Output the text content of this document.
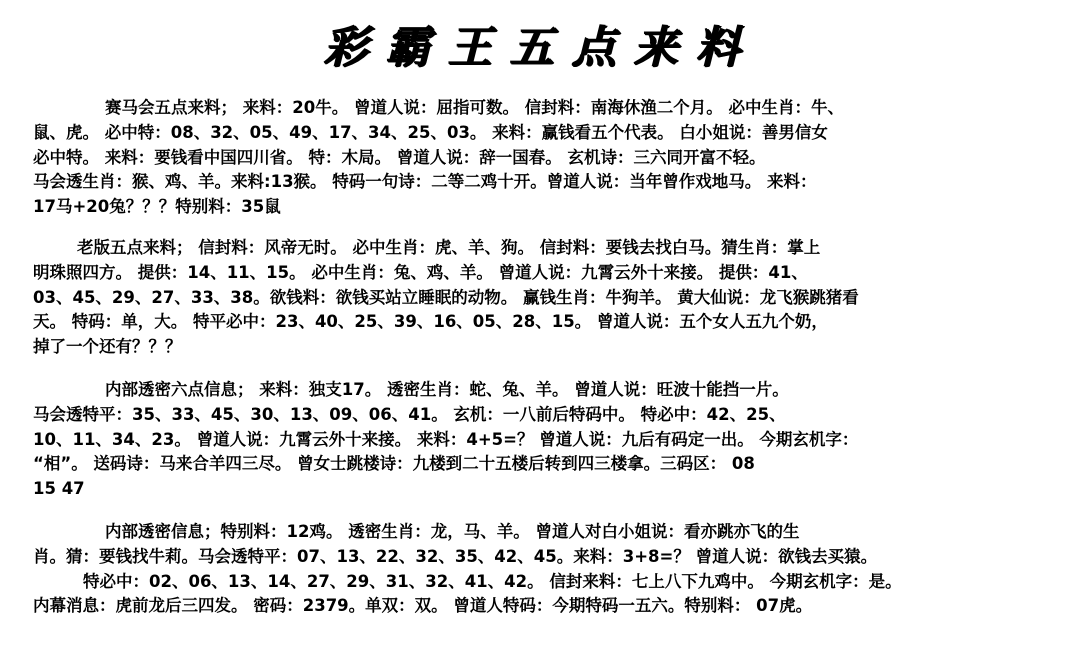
彩霸王五点来料
赛马会五点来料； 来料：20牛。 曾道人说：屈指可数。 信封料：南海休渔二个月。 必中生肖：牛、
鼠、虎。 必中特：08、32、05、49、17、34、25、03。 来料：赢钱看五个代表。 白小姐说：善男信女
必中特。 来料：要钱看中国四川省。 特：木局。 曾道人说：辞一国春。 玄机诗：三六同开富不轻。
马会透生肖：猴、鸡、羊。来料:13猴。 特码一句诗：二等二鸡十开。曾道人说：当年曾作戏地马。 来料：
17马+20兔？？？特别料：35鼠
老版五点来料； 信封料：风帝无时。 必中生肖：虎、羊、狗。 信封料：要钱去找白马。猜生肖：掌上
明珠照四方。 提供：14、11、15。 必中生肖：兔、鸡、羊。 曾道人说：九霄云外十来接。 提供：41、
03、45、29、27、33、38。欲钱料：欲钱买站立睡眠的动物。 赢钱生肖：牛狗羊。 黄大仙说：龙飞猴跳猪看
天。 特码：单，大。 特平必中：23、40、25、39、16、05、28、15。 曾道人说：五个女人五九个奶，
掉了一个还有？？？
内部透密六点信息； 来料：独支17。 透密生肖：蛇、兔、羊。 曾道人说：旺波十能挡一片。
马会透特平：35、33、45、30、13、09、06、41。 玄机：一八前后特码中。 特必中：42、25、
10、11、34、23。 曾道人说：九霄云外十来接。 来料：4+5=？ 曾道人说：九后有码定一出。 今期玄机字：
“相”。 送码诗：马来合羊四三尽。 曾女士跳楼诗：九楼到二十五楼后转到四三楼拿。三码区： 08
15 47
内部透密信息；特别料：12鸡。 透密生肖：龙，马、羊。 曾道人对白小姐说：看亦跳亦飞的生
肖。猜：要钱找牛莉。马会透特平：07、13、22、32、35、42、45。来料：3+8=？ 曾道人说：欲钱去买猿。
特必中：02、06、13、14、27、29、31、32、41、42。 信封来料：七上八下九鸡中。 今期玄机字：是。
内幕消息：虎前龙后三四发。 密码：2379。单双：双。 曾道人特码：今期特码一五六。特别料： 07虎。
